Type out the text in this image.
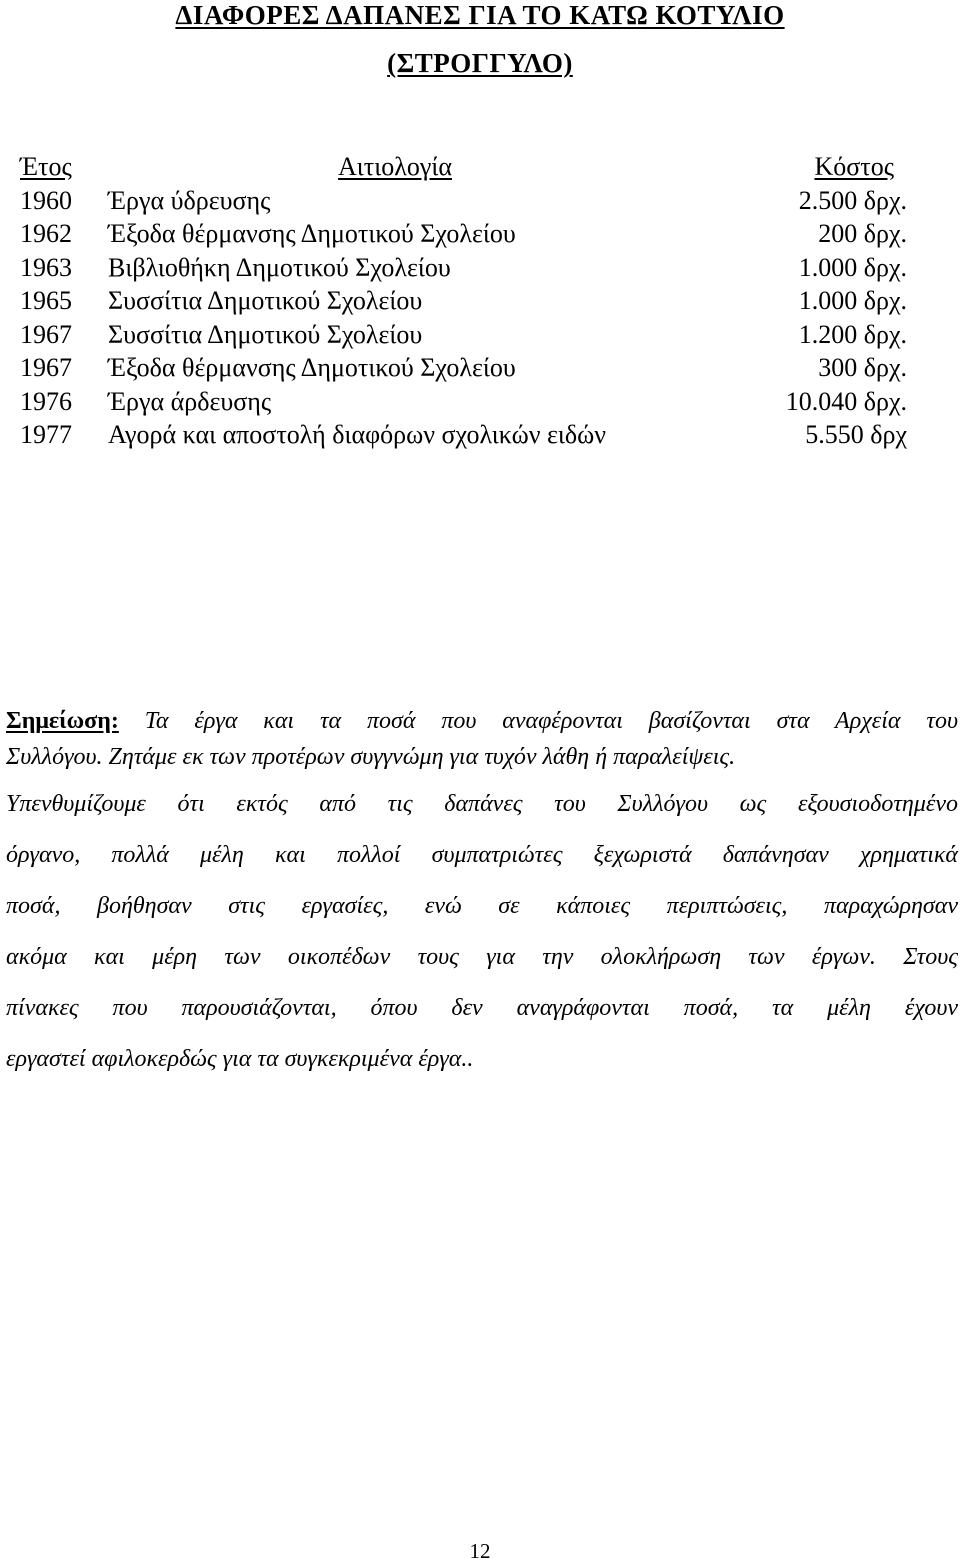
ΔΙΑΦΟΡΕΣ ΔΑΠΑΝΕΣ ΓΙΑ ΤΟ ΚΑΤΩ ΚΟΤΥΛΙΟ
(ΣΤΡΟΓΓΥΛΟ)
Έτος	Αιτιολογία	Κόστος
1960 Έργα ύδρευσης	2.500 δρχ.
1962 Έξοδα θέρμανσης Δημοτικού Σχολείου	200 δρχ.
1963 Βιβλιοθήκη Δημοτικού Σχολείου	1.000 δρχ.
1965 Συσσίτια Δημοτικού Σχολείου	1.000 δρχ.
1967 Συσσίτια Δημοτικού Σχολείου	1.200 δρχ.
1967 Έξοδα θέρμανσης Δημοτικού Σχολείου	300 δρχ.
1976 Έργα άρδευσης	10.040 δρχ.
1977 Αγορά και αποστολή διαφόρων σχολικών ειδών	5.550 δρχ
Σημείωση: Τα έργα και τα ποσά που αναφέρονται βασίζονται στα Αρχεία του
Συλλόγου. Ζητάμε εκ των προτέρων συγγνώμη για τυχόν λάθη ή παραλείψεις.
Υπενθυμίζουμε ότι εκτός από τις δαπάνες του Συλλόγου ως εξουσιοδοτημένο
όργανο, πολλά μέλη και πολλοί συμπατριώτες ξεχωριστά δαπάνησαν χρηματικά
ποσά, βοήθησαν στις εργασίες, ενώ σε κάποιες περιπτώσεις, παραχώρησαν
ακόμα και μέρη των οικοπέδων τους για την ολοκλήρωση των έργων. Στους
πίνακες που παρουσιάζονται, όπου δεν αναγράφονται ποσά, τα μέλη έχουν
εργαστεί αφιλοκερδώς για τα συγκεκριμένα έργα..
12
